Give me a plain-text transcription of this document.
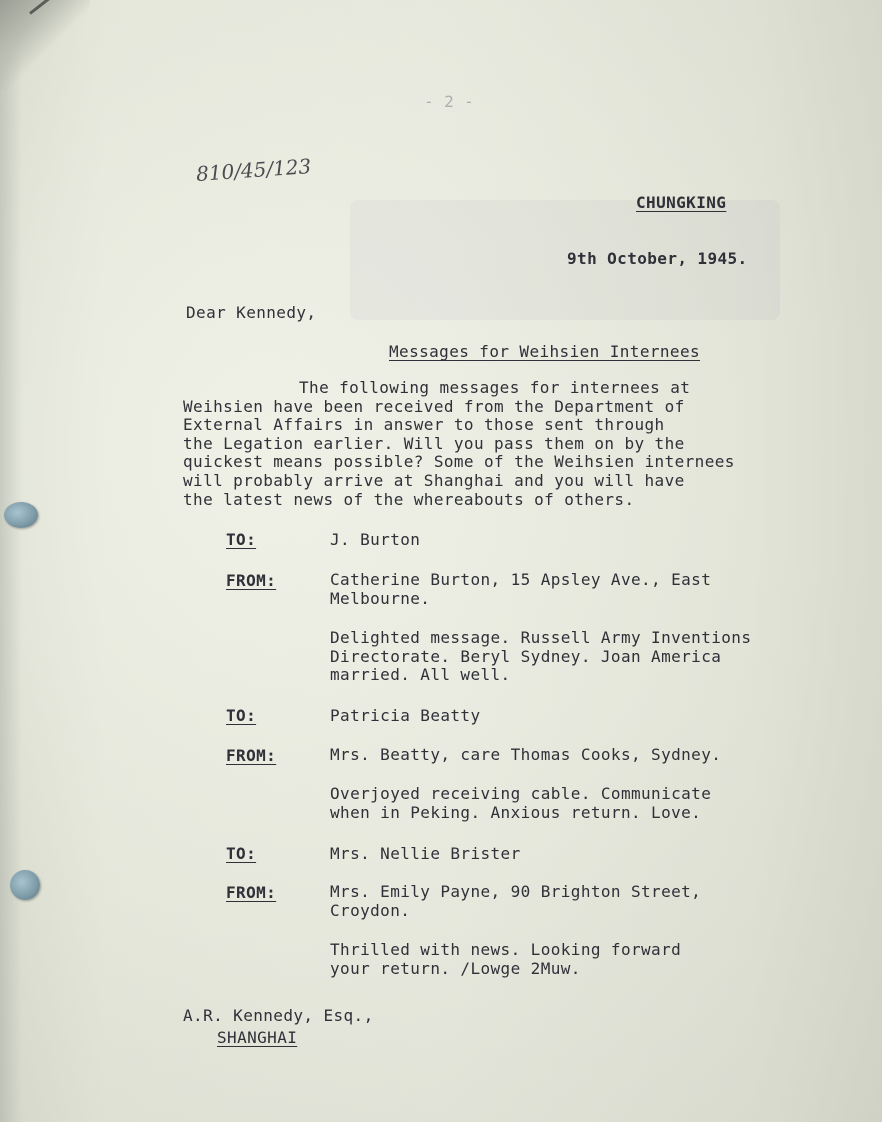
- 2 -
810/45/123
CHUNGKING
9th October, 1945.
Dear Kennedy,
Messages for Weihsien Internees
The following messages for internees at
Weihsien have been received from the Department of
External Affairs in answer to those sent through
the Legation earlier. Will you pass them on by the
quickest means possible? Some of the Weihsien internees
will probably arrive at Shanghai and you will have
the latest news of the whereabouts of others.
TO:	J. Burton
FROM:	Catherine Burton, 15 Apsley Ave., East
Melbourne.
Delighted message. Russell Army Inventions
Directorate. Beryl Sydney. Joan America
married. All well.
TO:	Patricia Beatty
FROM:	Mrs. Beatty, care Thomas Cooks, Sydney.
Overjoyed receiving cable. Communicate
when in Peking. Anxious return. Love.
TO:	Mrs. Nellie Brister
FROM:	Mrs. Emily Payne, 90 Brighton Street,
Croydon.
Thrilled with news. Looking forward
your return. /Lowge 2Muw.
A.R. Kennedy, Esq.,
SHANGHAI
